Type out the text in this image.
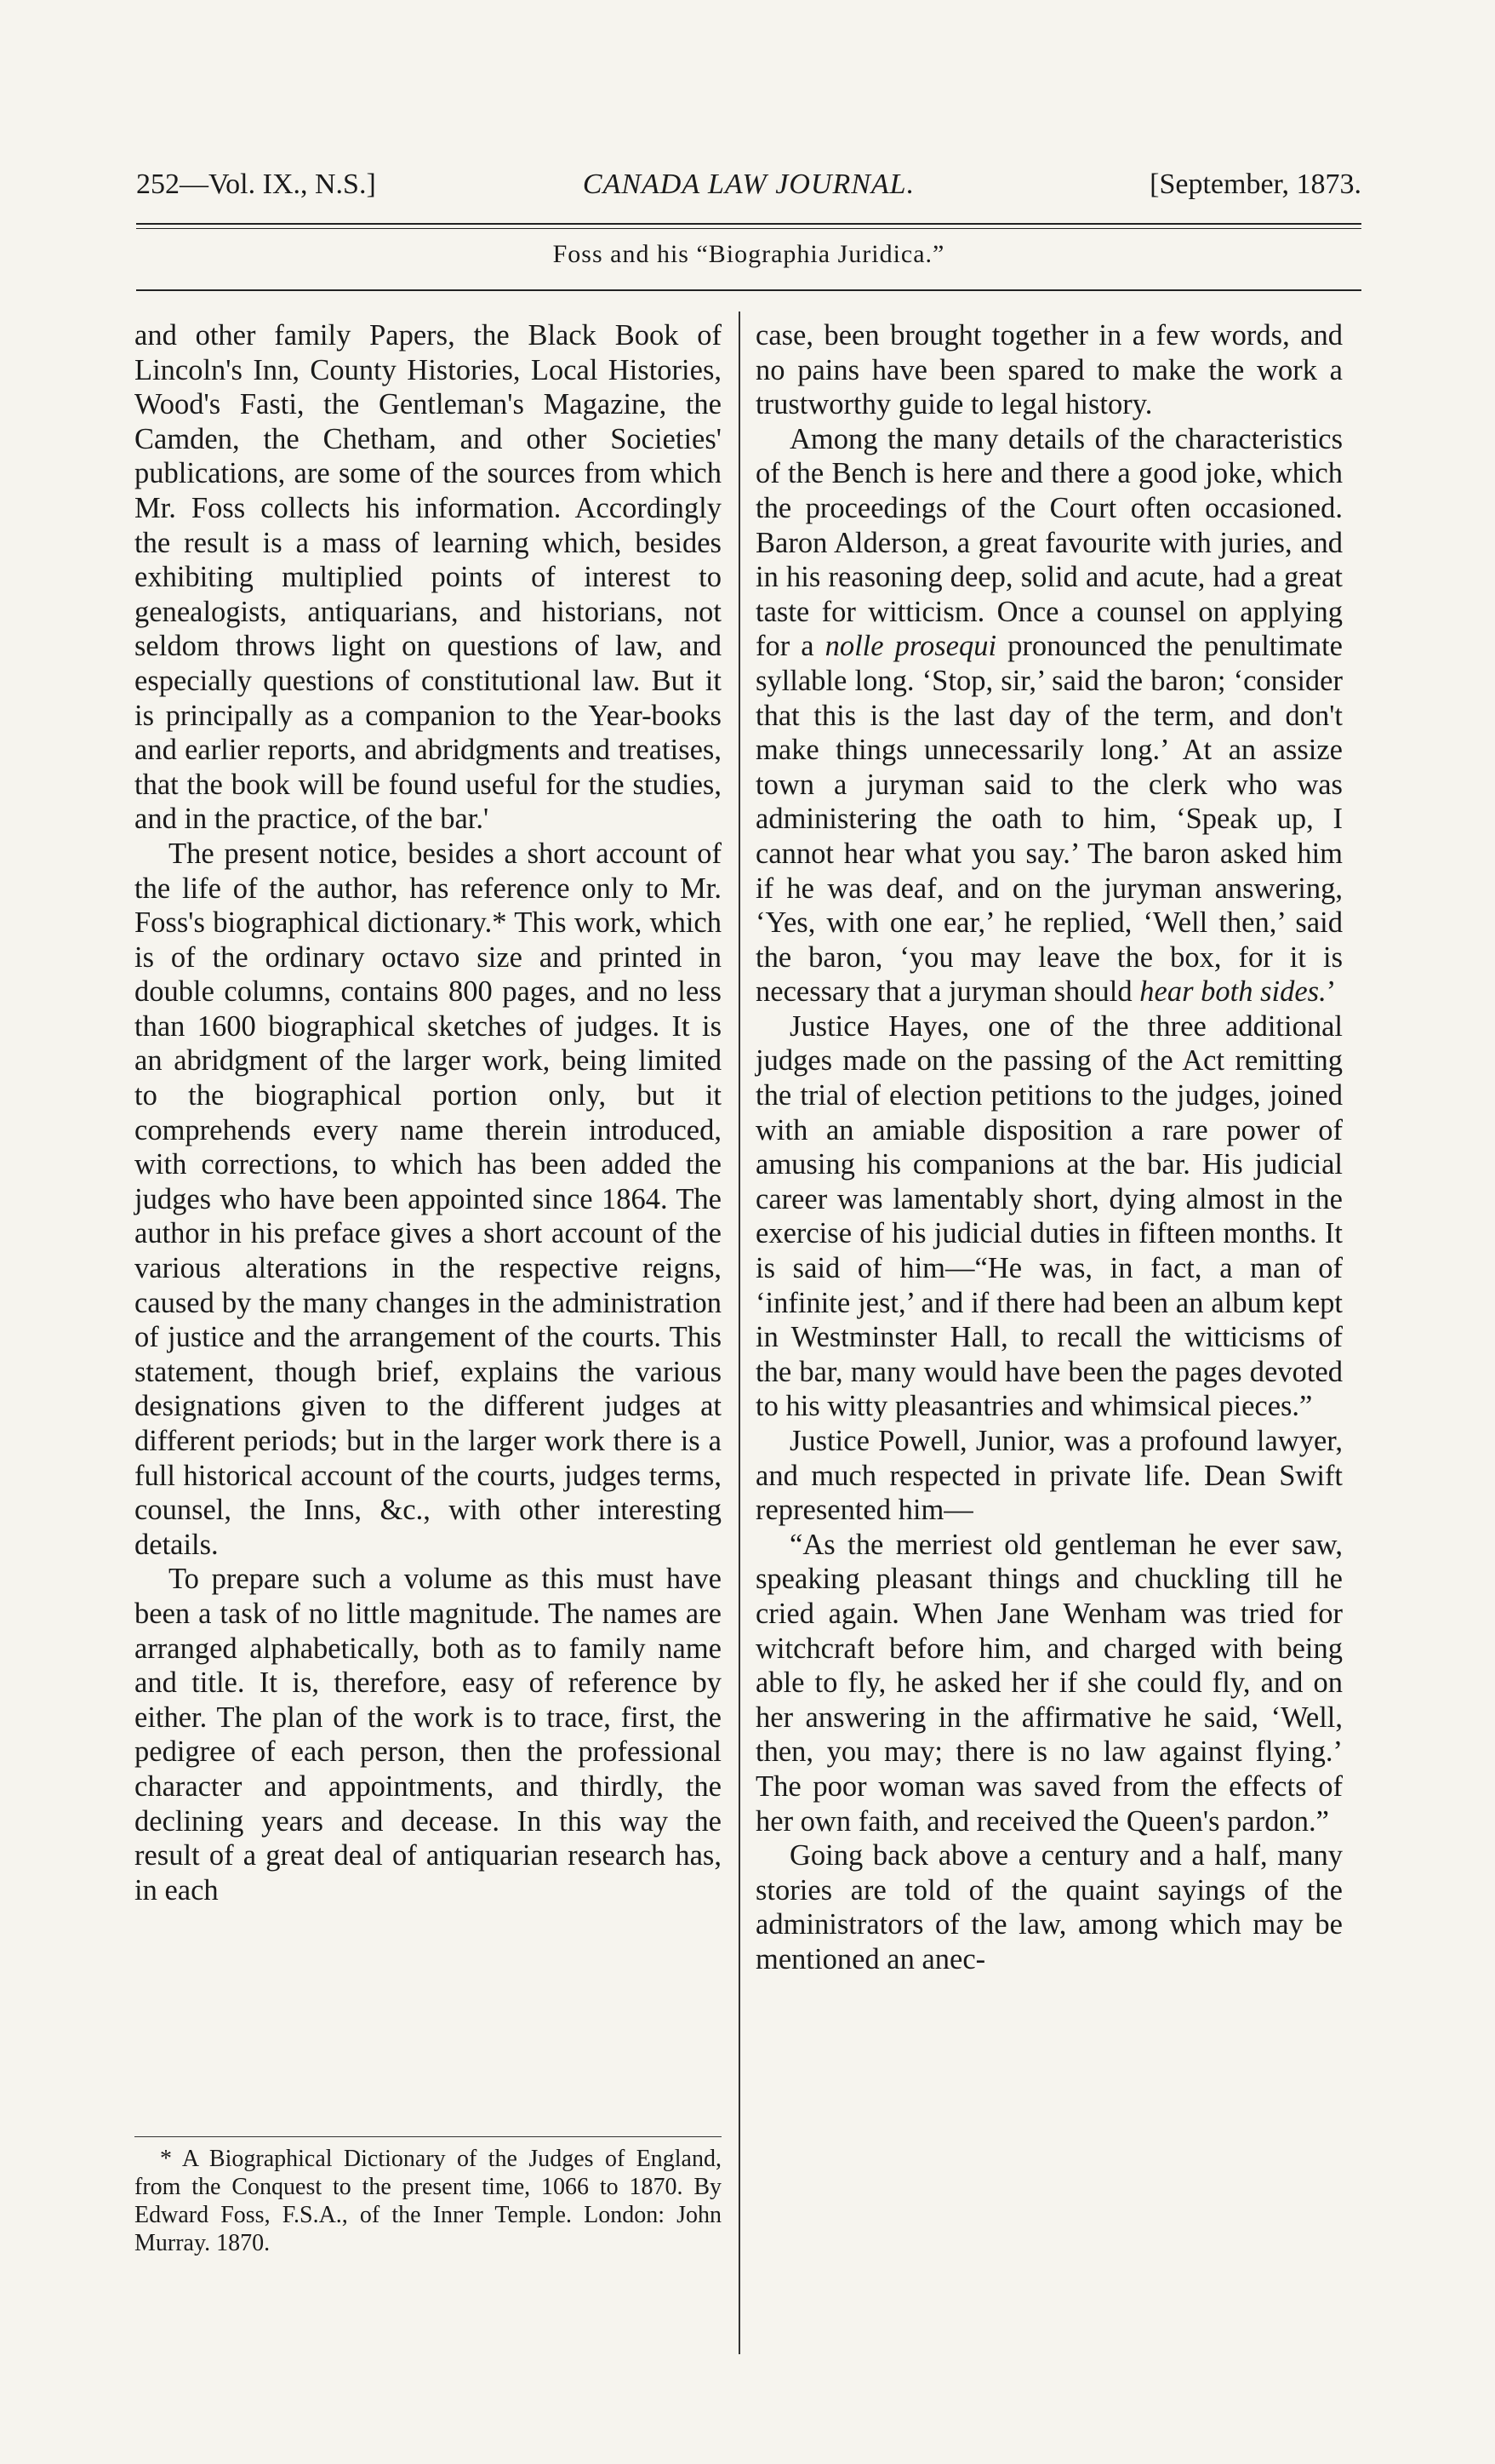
252—Vol. IX., N.S.]	CANADA LAW JOURNAL.	[September, 1873.
Foss and his “Biographia Juridica.”

and other family Papers, the Black Book of Lincoln's Inn, County Histories, Local Histories, Wood's Fasti, the Gentleman's Magazine, the Camden, the Chetham, and other Societies' publications, are some of the sources from which Mr. Foss collects his information. Accordingly the result is a mass of learning which, besides exhibiting multiplied points of interest to genealogists, antiquarians, and historians, not seldom throws light on questions of law, and especially questions of constitutional law. But it is principally as a companion to the Year-books and earlier reports, and abridgments and treatises, that the book will be found useful for the studies, and in the practice, of the bar.'

The present notice, besides a short account of the life of the author, has reference only to Mr. Foss's biographical dictionary.* This work, which is of the ordinary octavo size and printed in double columns, contains 800 pages, and no less than 1600 biographical sketches of judges. It is an abridgment of the larger work, being limited to the biographical portion only, but it comprehends every name therein introduced, with corrections, to which has been added the judges who have been appointed since 1864. The author in his preface gives a short account of the various alterations in the respective reigns, caused by the many changes in the administration of justice and the arrangement of the courts. This statement, though brief, explains the various designations given to the different judges at different periods; but in the larger work there is a full historical account of the courts, judges terms, counsel, the Inns, &c., with other interesting details.

To prepare such a volume as this must have been a task of no little magnitude. The names are arranged alphabetically, both as to family name and title. It is, therefore, easy of reference by either. The plan of the work is to trace, first, the pedigree of each person, then the professional character and appointments, and thirdly, the declining years and decease. In this way the result of a great deal of antiquarian research has, in each

case, been brought together in a few words, and no pains have been spared to make the work a trustworthy guide to legal history.

Among the many details of the characteristics of the Bench is here and there a good joke, which the proceedings of the Court often occasioned. Baron Alderson, a great favourite with juries, and in his reasoning deep, solid and acute, had a great taste for witticism. Once a counsel on applying for a nolle prosequi pronounced the penultimate syllable long. ‘Stop, sir,’ said the baron; ‘consider that this is the last day of the term, and don't make things unnecessarily long.’ At an assize town a juryman said to the clerk who was administering the oath to him, ‘Speak up, I cannot hear what you say.’ The baron asked him if he was deaf, and on the juryman answering, ‘Yes, with one ear,’ he replied, ‘Well then,’ said the baron, ‘you may leave the box, for it is necessary that a juryman should hear both sides.’

Justice Hayes, one of the three additional judges made on the passing of the Act remitting the trial of election petitions to the judges, joined with an amiable disposition a rare power of amusing his companions at the bar. His judicial career was lamentably short, dying almost in the exercise of his judicial duties in fifteen months. It is said of him—“He was, in fact, a man of ‘infinite jest,’ and if there had been an album kept in Westminster Hall, to recall the witticisms of the bar, many would have been the pages devoted to his witty pleasantries and whimsical pieces.”

Justice Powell, Junior, was a profound lawyer, and much respected in private life. Dean Swift represented him—

“As the merriest old gentleman he ever saw, speaking pleasant things and chuckling till he cried again. When Jane Wenham was tried for witchcraft before him, and charged with being able to fly, he asked her if she could fly, and on her answering in the affirmative he said, ‘Well, then, you may; there is no law against flying.’ The poor woman was saved from the effects of her own faith, and received the Queen's pardon.”

Going back above a century and a half, many stories are told of the quaint sayings of the administrators of the law, among which may be mentioned an anec-

* A Biographical Dictionary of the Judges of England, from the Conquest to the present time, 1066 to 1870. By Edward Foss, F.S.A., of the Inner Temple. London: John Murray. 1870.
